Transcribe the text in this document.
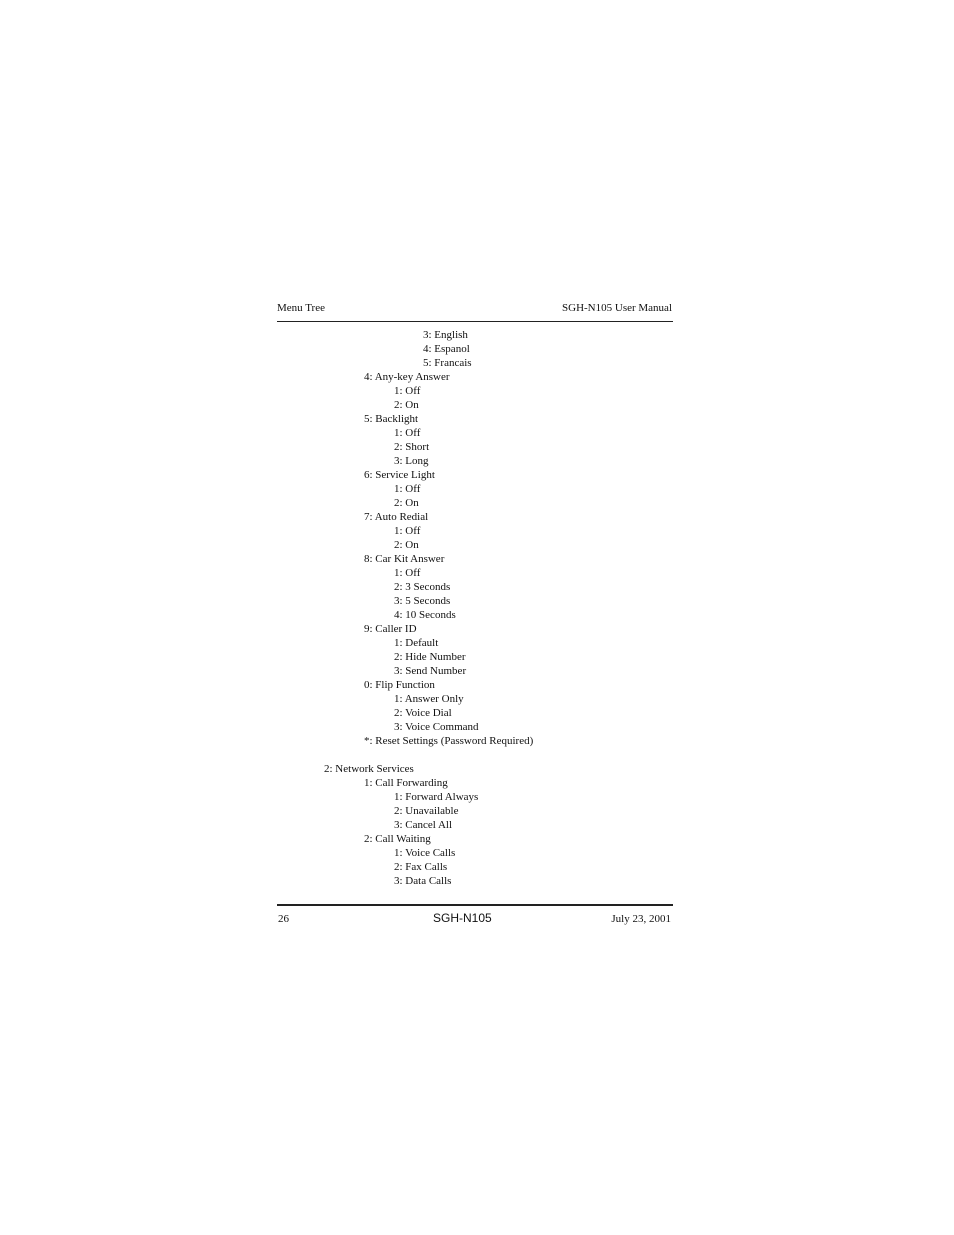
Menu Tree	SGH-N105 User Manual
3: English
4: Espanol
5: Francais
4: Any-key Answer
1: Off
2: On
5: Backlight
1: Off
2: Short
3: Long
6: Service Light
1: Off
2: On
7: Auto Redial
1: Off
2: On
8: Car Kit Answer
1: Off
2: 3 Seconds
3: 5 Seconds
4: 10 Seconds
9: Caller ID
1: Default
2: Hide Number
3: Send Number
0: Flip Function
1: Answer Only
2: Voice Dial
3: Voice Command
*: Reset Settings (Password Required)
2: Network Services
1: Call Forwarding
1: Forward Always
2: Unavailable
3: Cancel All
2: Call Waiting
1: Voice Calls
2: Fax Calls
3: Data Calls
26	SGH-N105	July 23, 2001
